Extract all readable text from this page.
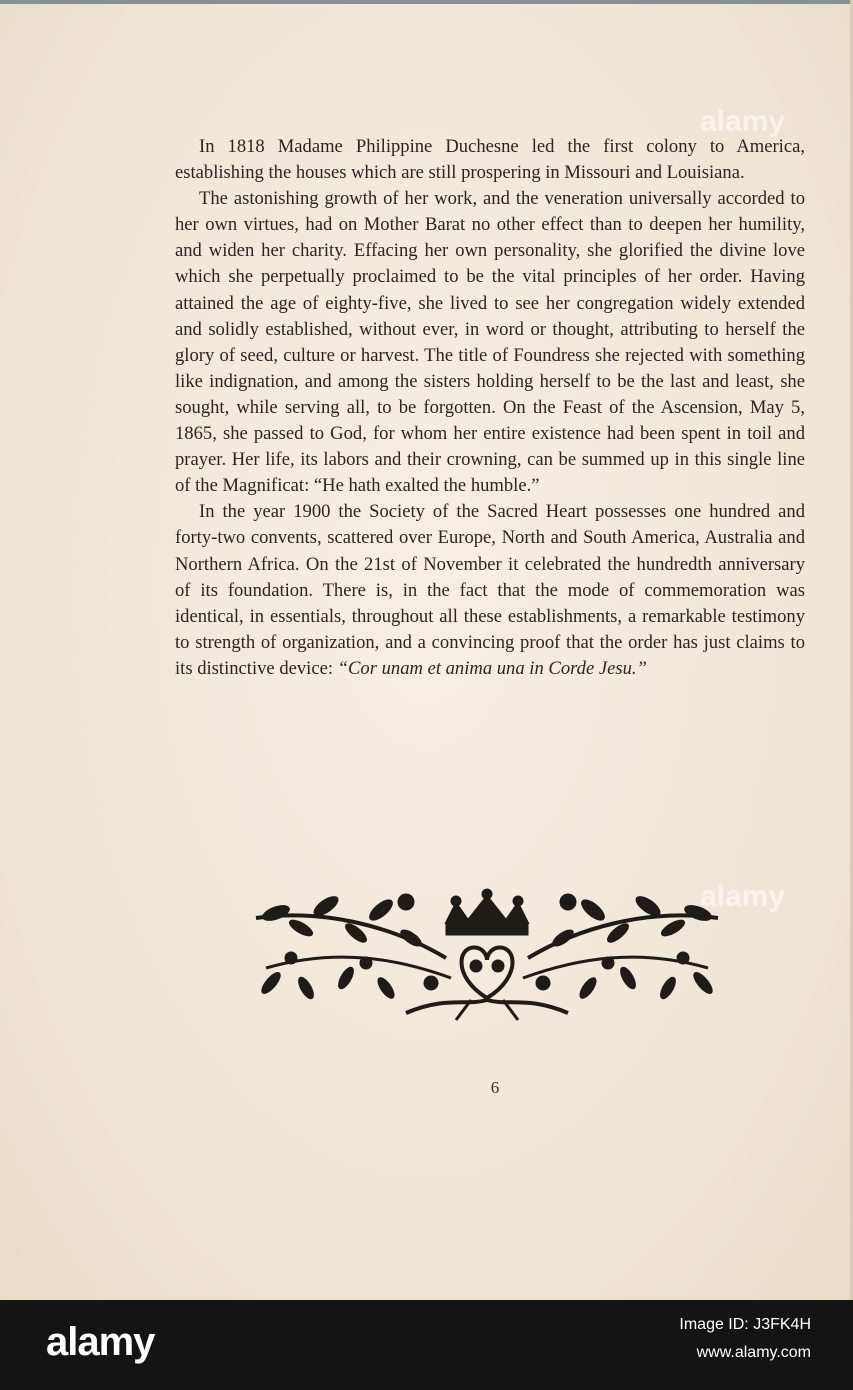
In 1818 Madame Philippine Duchesne led the first colony to America, establishing the houses which are still prospering in Missouri and Louisiana.

The astonishing growth of her work, and the veneration universally accorded to her own virtues, had on Mother Barat no other effect than to deepen her humility, and widen her charity. Effacing her own personality, she glorified the divine love which she perpetually proclaimed to be the vital principles of her order. Having attained the age of eighty-five, she lived to see her congregation widely extended and solidly established, without ever, in word or thought, attributing to herself the glory of seed, culture or harvest. The title of Foundress she rejected with something like indignation, and among the sisters holding herself to be the last and least, she sought, while serving all, to be forgotten. On the Feast of the Ascension, May 5, 1865, she passed to God, for whom her entire existence had been spent in toil and prayer. Her life, its labors and their crowning, can be summed up in this single line of the Magnificat: “He hath exalted the humble.”

In the year 1900 the Society of the Sacred Heart possesses one hundred and forty-two convents, scattered over Europe, North and South America, Australia and Northern Africa. On the 21st of November it celebrated the hundredth anniversary of its foundation. There is, in the fact that the mode of commemoration was identical, in essentials, throughout all these establishments, a remarkable testimony to strength of organization, and a convincing proof that the order has just claims to its distinctive device: “Cor unam et anima una in Corde Jesu.”

6
alamy
alamy
alamy	Image ID: J3FK4H
www.alamy.com
